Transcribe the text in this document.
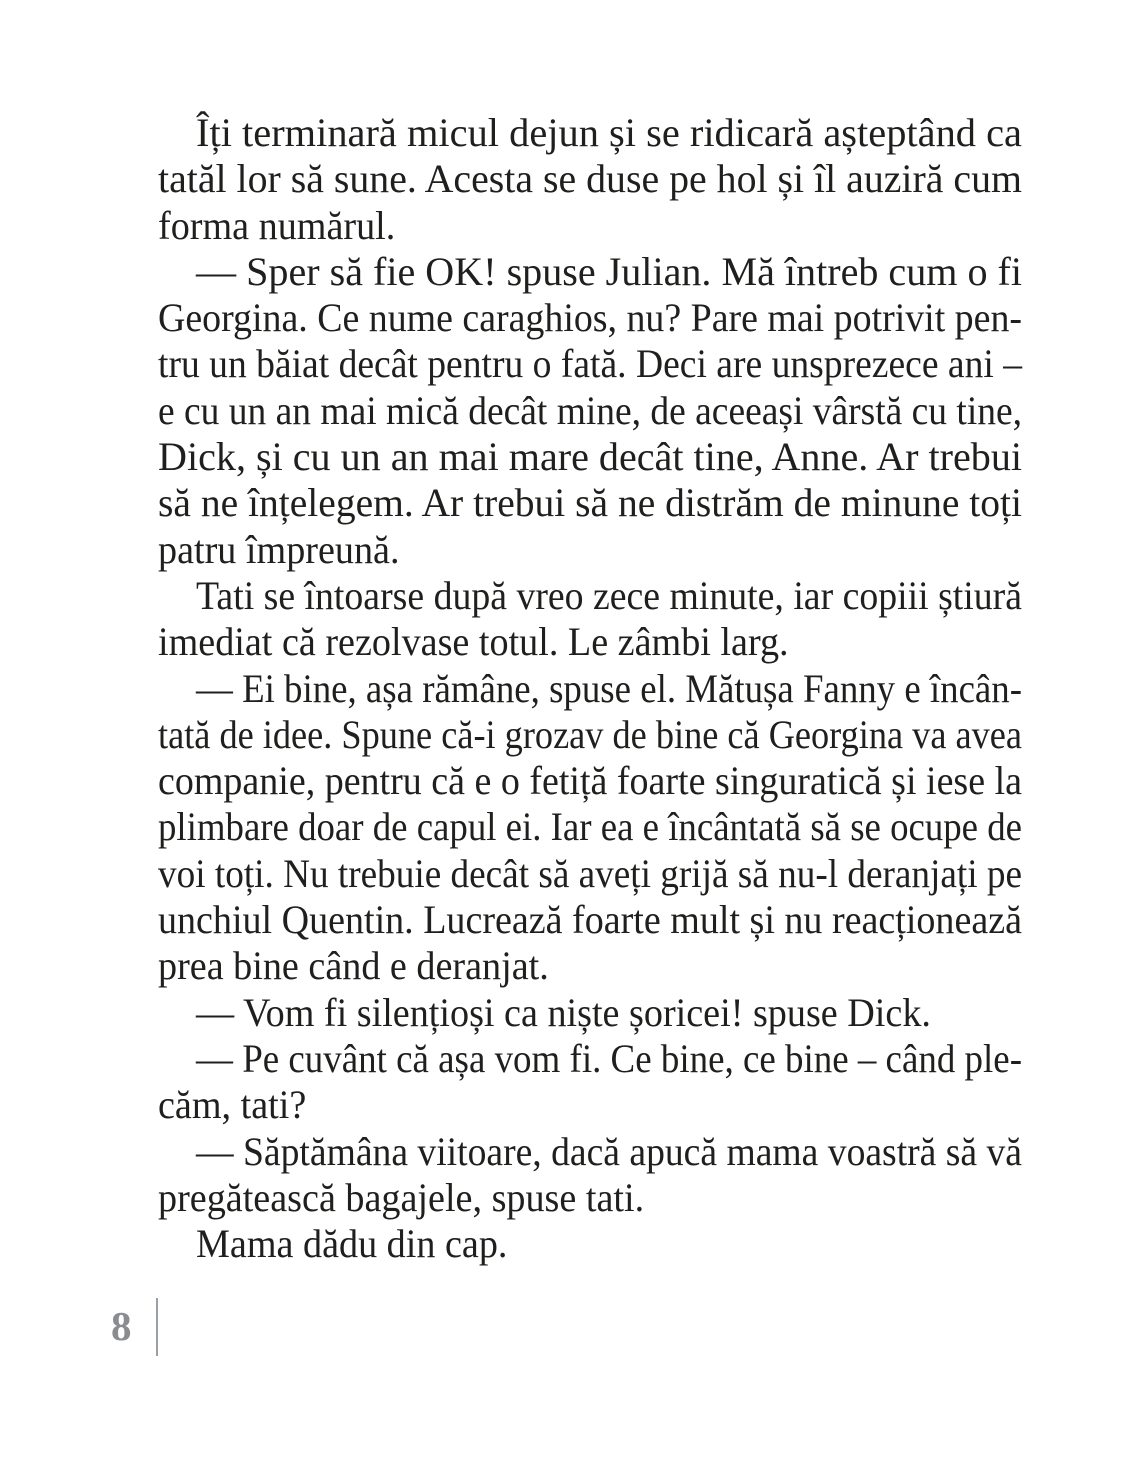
Îți terminară micul dejun și se ridicară așteptând ca
tatăl lor să sune. Acesta se duse pe hol și îl auziră cum
forma numărul.
— Sper să fie OK! spuse Julian. Mă întreb cum o fi
Georgina. Ce nume caraghios, nu? Pare mai potrivit pen-
tru un băiat decât pentru o fată. Deci are unsprezece ani –
e cu un an mai mică decât mine, de aceeași vârstă cu tine,
Dick, și cu un an mai mare decât tine, Anne. Ar trebui
să ne înțelegem. Ar trebui să ne distrăm de minune toți
patru împreună.
Tati se întoarse după vreo zece minute, iar copiii știură
imediat că rezolvase totul. Le zâmbi larg.
— Ei bine, așa rămâne, spuse el. Mătușa Fanny e încân-
tată de idee. Spune că-i grozav de bine că Georgina va avea
companie, pentru că e o fetiță foarte singuratică și iese la
plimbare doar de capul ei. Iar ea e încântată să se ocupe de
voi toți. Nu trebuie decât să aveți grijă să nu-l deranjați pe
unchiul Quentin. Lucrează foarte mult și nu reacționează
prea bine când e deranjat.
— Vom fi silențioși ca niște șoricei! spuse Dick.
— Pe cuvânt că așa vom fi. Ce bine, ce bine – când ple-
căm, tati?
— Săptămâna viitoare, dacă apucă mama voastră să vă
pregătească bagajele, spuse tati.
Mama dădu din cap.
8
